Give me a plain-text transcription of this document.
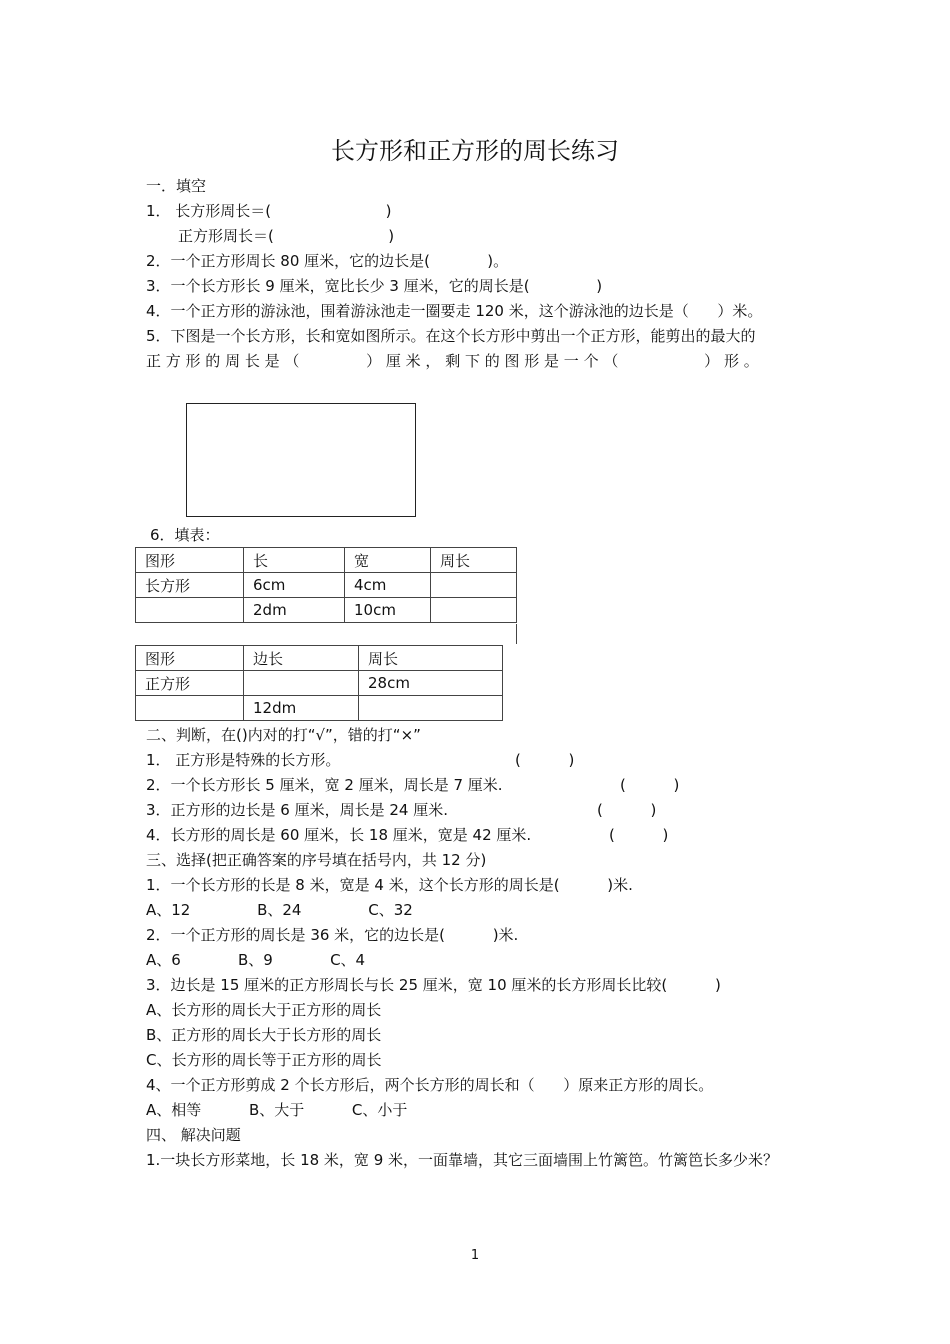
长方形和正方形的周长练习
一．填空
1． 长方形周长＝(                        )
正方形周长＝(                        )
2．一个正方形周长 80 厘米，它的边长是(            )。
3．一个长方形长 9 厘米，宽比长少 3 厘米，它的周长是(              )
4．一个正方形的游泳池，围着游泳池走一圈要走 120 米，这个游泳池的边长是（      ）米。
5．下图是一个长方形，长和宽如图所示。在这个长方形中剪出一个正方形，能剪出的最大的
正 方 形 的 周 长 是 （              ） 厘 米 ， 剩 下 的 图 形 是 一 个 （                  ） 形 。
6．填表：
图形	长	宽	周长
长方形	6cm	4cm	
	2dm	10cm	
图形	边长	周长
正方形		28cm
	12dm	
二、判断，在()内对的打“√”，错的打“×”
1． 正方形是特殊的长方形。	(          )
2．一个长方形长 5 厘米，宽 2 厘米，周长是 7 厘米.	(          )
3．正方形的边长是 6 厘米，周长是 24 厘米.	(          )
4．长方形的周长是 60 厘米，长 18 厘米，宽是 42 厘米.	(          )
三、选择(把正确答案的序号填在括号内，共 12 分)
1．一个长方形的长是 8 米，宽是 4 米，这个长方形的周长是(          )米.
A、12              B、24              C、32
2．一个正方形的周长是 36 米，它的边长是(          )米.
A、6            B、9            C、4
3．边长是 15 厘米的正方形周长与长 25 厘米，宽 10 厘米的长方形周长比较(          )
A、长方形的周长大于正方形的周长
B、正方形的周长大于长方形的周长
C、长方形的周长等于正方形的周长
4、一个正方形剪成 2 个长方形后，两个长方形的周长和（      ）原来正方形的周长。
A、相等          B、大于          C、小于
四、 解决问题
1.一块长方形菜地，长 18 米，宽 9 米，一面靠墙，其它三面墙围上竹篱笆。竹篱笆长多少米？
1
